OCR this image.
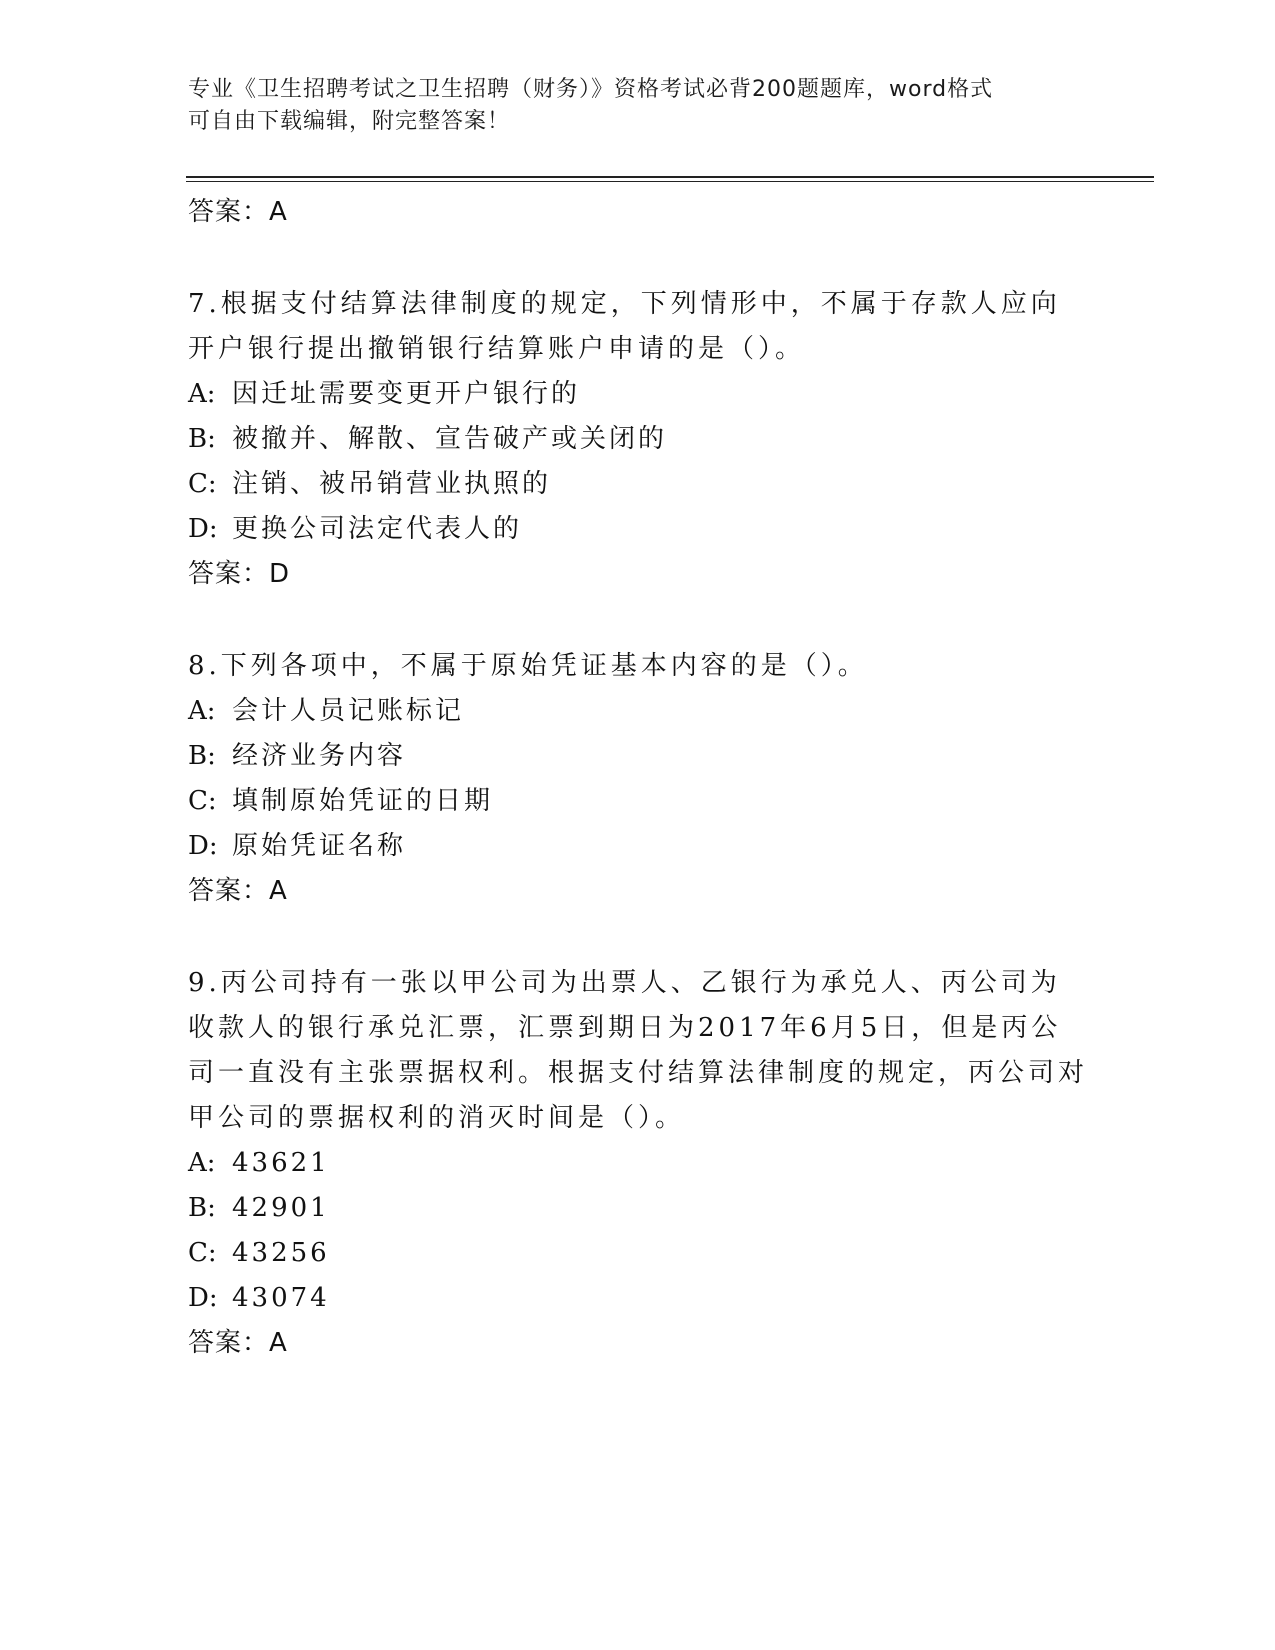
专业《卫生招聘考试之卫生招聘（财务）》资格考试必背200题题库，word格式
可自由下载编辑，附完整答案！
答案：A

7.根据支付结算法律制度的规定，下列情形中，不属于存款人应向开户银行提出撤销银行结算账户申请的是（）。

A: 因迁址需要变更开户银行的
B: 被撤并、解散、宣告破产或关闭的
C: 注销、被吊销营业执照的
D: 更换公司法定代表人的
答案：D

8.下列各项中，不属于原始凭证基本内容的是（）。

A: 会计人员记账标记
B: 经济业务内容
C: 填制原始凭证的日期
D: 原始凭证名称
答案：A

9.丙公司持有一张以甲公司为出票人、乙银行为承兑人、丙公司为收款人的银行承兑汇票，汇票到期日为2017年6月5日，但是丙公司一直没有主张票据权利。根据支付结算法律制度的规定，丙公司对甲公司的票据权利的消灭时间是（）。

A: 43621
B: 42901
C: 43256
D: 43074
答案：A
